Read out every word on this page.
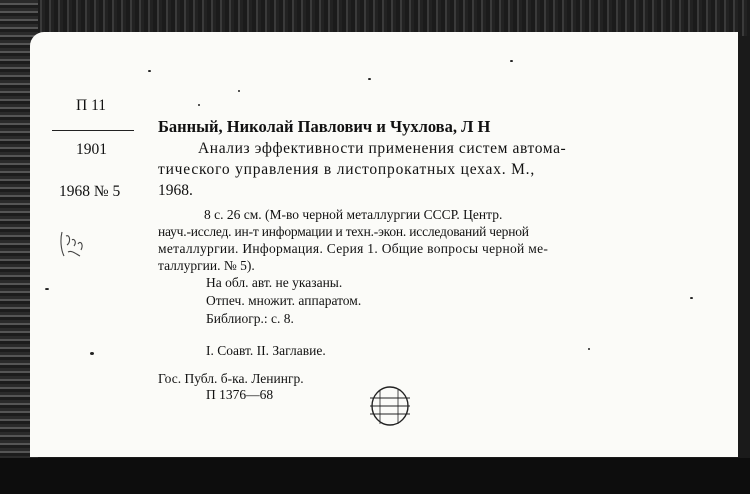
П 11
1901
1968 № 5
Банный, Николай Павлович и Чухлова, Л Н
Анализ эффективности применения систем автома-
тического управления в листопрокатных цехах. М.,
1968.
8 с. 26 см. (М-во черной металлургии СССР. Центр.
науч.-исслед. ин-т информации и техн.-экон. исследований черной
металлургии. Информация. Серия 1. Общие вопросы черной ме-
таллургии. № 5).
На обл. авт. не указаны.
Отпеч. множит. аппаратом.
Библиогр.: с. 8.
I. Соавт. II. Заглавие.
Гос. Публ. б-ка. Ленингр.
П 1376—68
